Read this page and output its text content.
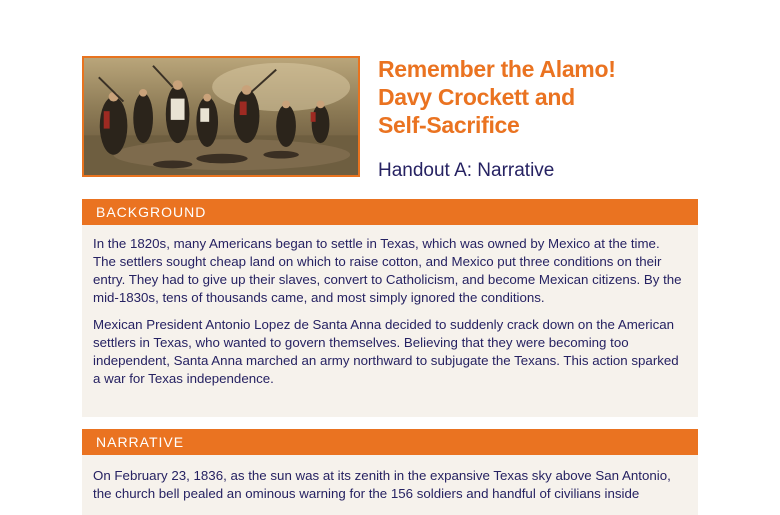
Remember the Alamo!
Davy Crockett and
Self-Sacrifice
Handout A: Narrative
BACKGROUND

In the 1820s, many Americans began to settle in Texas, which was owned by Mexico at the time. The settlers sought cheap land on which to raise cotton, and Mexico put three conditions on their entry. They had to give up their slaves, convert to Catholicism, and become Mexican citizens. By the mid-1830s, tens of thousands came, and most simply ignored the conditions.

Mexican President Antonio Lopez de Santa Anna decided to suddenly crack down on the American settlers in Texas, who wanted to govern themselves. Believing that they were becoming too independent, Santa Anna marched an army northward to subjugate the Texans. This action sparked a war for Texas independence.

NARRATIVE

On February 23, 1836, as the sun was at its zenith in the expansive Texas sky above San Antonio, the church bell pealed an ominous warning for the 156 soldiers and handful of civilians inside
